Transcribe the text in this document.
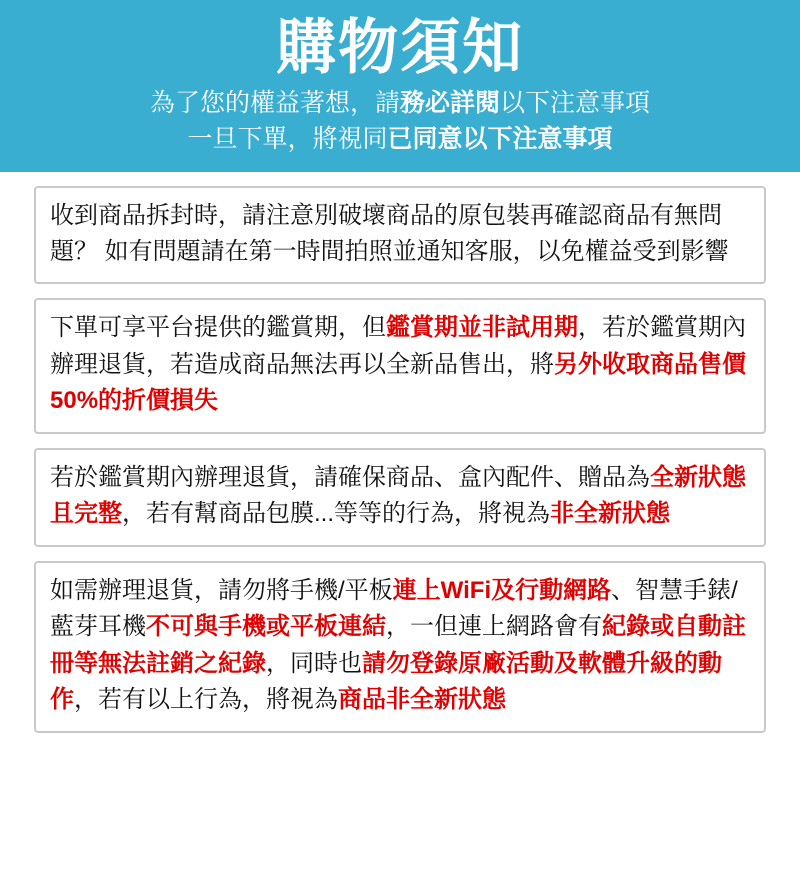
購物須知
為了您的權益著想，請務必詳閱以下注意事項
一旦下單，將視同已同意以下注意事項
收到商品拆封時，請注意別破壞商品的原包裝再確認商品有無問題？ 如有問題請在第一時間拍照並通知客服，以免權益受到影響
下單可享平台提供的鑑賞期，但鑑賞期並非試用期，若於鑑賞期內辦理退貨，若造成商品無法再以全新品售出，將另外收取商品售價50%的折價損失
若於鑑賞期內辦理退貨，請確保商品、盒內配件、贈品為全新狀態且完整，若有幫商品包膜...等等的行為，將視為非全新狀態
如需辦理退貨，請勿將手機/平板連上WiFi及行動網路、智慧手錶/藍芽耳機不可與手機或平板連結，一但連上網路會有紀錄或自動註冊等無法註銷之紀錄，同時也請勿登錄原廠活動及軟體升級的動作，若有以上行為，將視為商品非全新狀態
